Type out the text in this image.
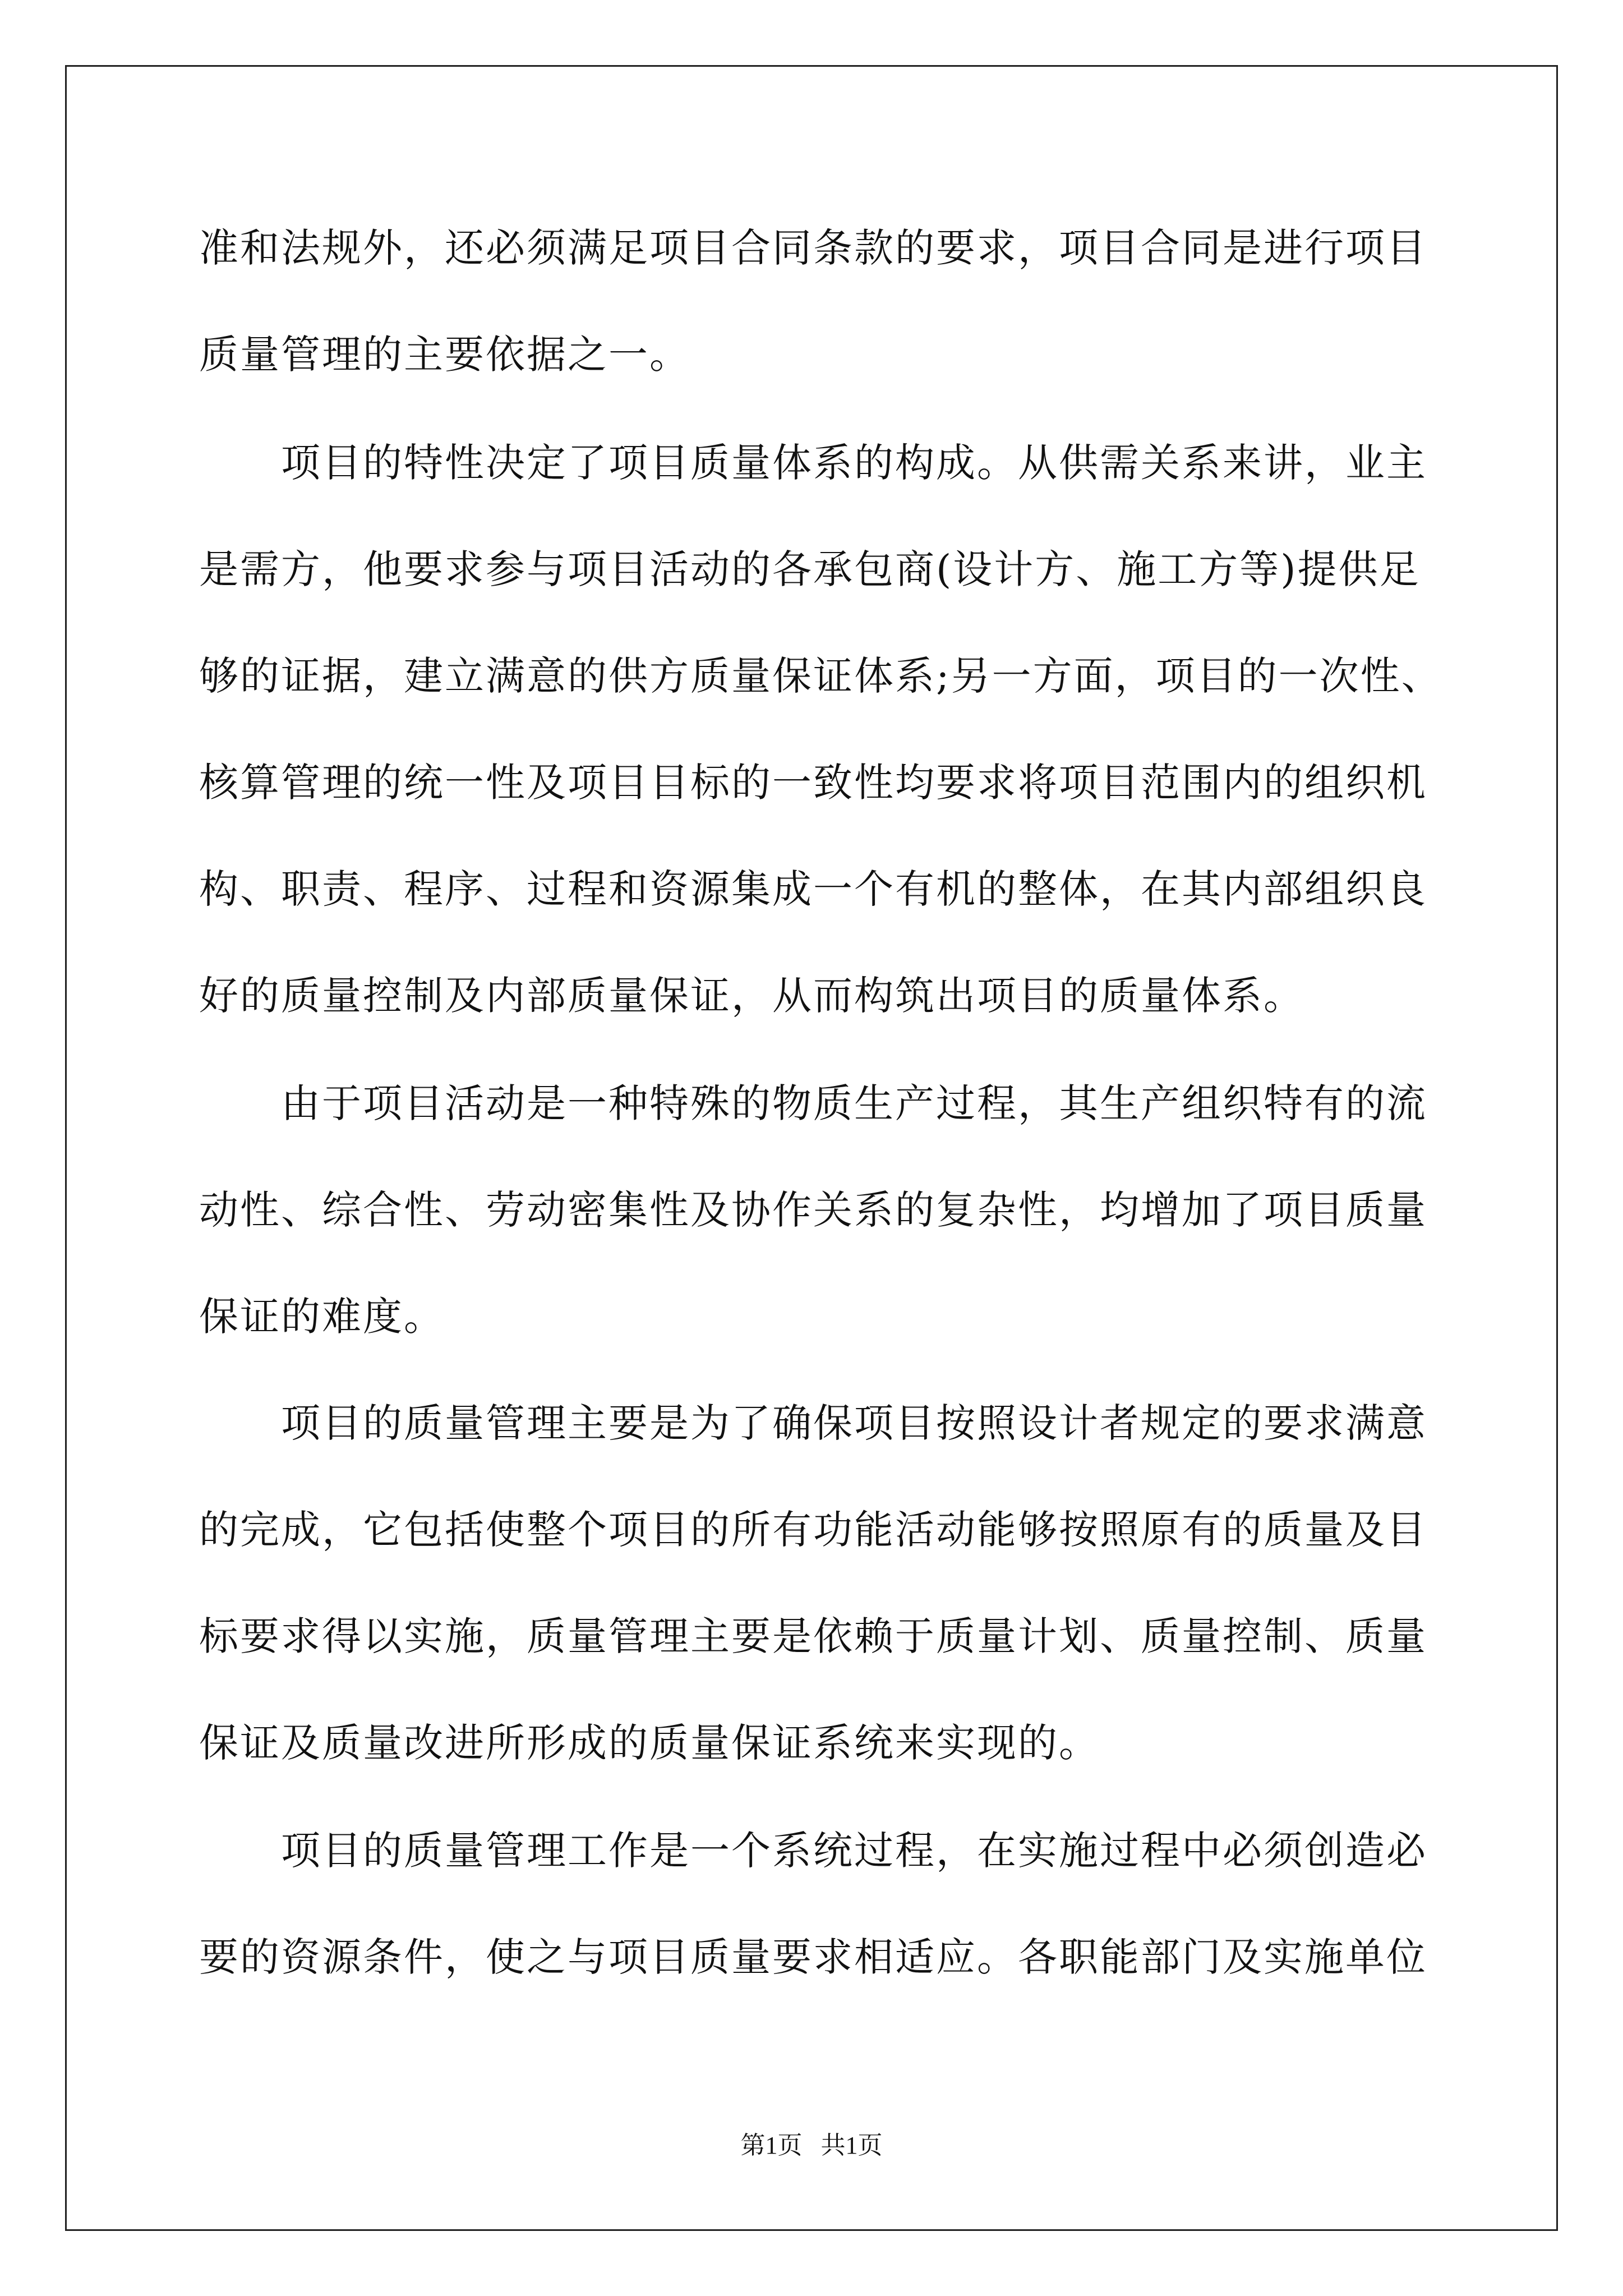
准和法规外，还必须满足项目合同条款的要求，项目合同是进行项目
质量管理的主要依据之一。
　　项目的特性决定了项目质量体系的构成。从供需关系来讲，业主
是需方，他要求参与项目活动的各承包商(设计方、施工方等)提供足
够的证据，建立满意的供方质量保证体系;另一方面，项目的一次性、
核算管理的统一性及项目目标的一致性均要求将项目范围内的组织机
构、职责、程序、过程和资源集成一个有机的整体，在其内部组织良
好的质量控制及内部质量保证，从而构筑出项目的质量体系。
　　由于项目活动是一种特殊的物质生产过程，其生产组织特有的流
动性、综合性、劳动密集性及协作关系的复杂性，均增加了项目质量
保证的难度。
　　项目的质量管理主要是为了确保项目按照设计者规定的要求满意
的完成，它包括使整个项目的所有功能活动能够按照原有的质量及目
标要求得以实施，质量管理主要是依赖于质量计划、质量控制、质量
保证及质量改进所形成的质量保证系统来实现的。
　　项目的质量管理工作是一个系统过程，在实施过程中必须创造必
要的资源条件，使之与项目质量要求相适应。各职能部门及实施单位
第1页   共1页
